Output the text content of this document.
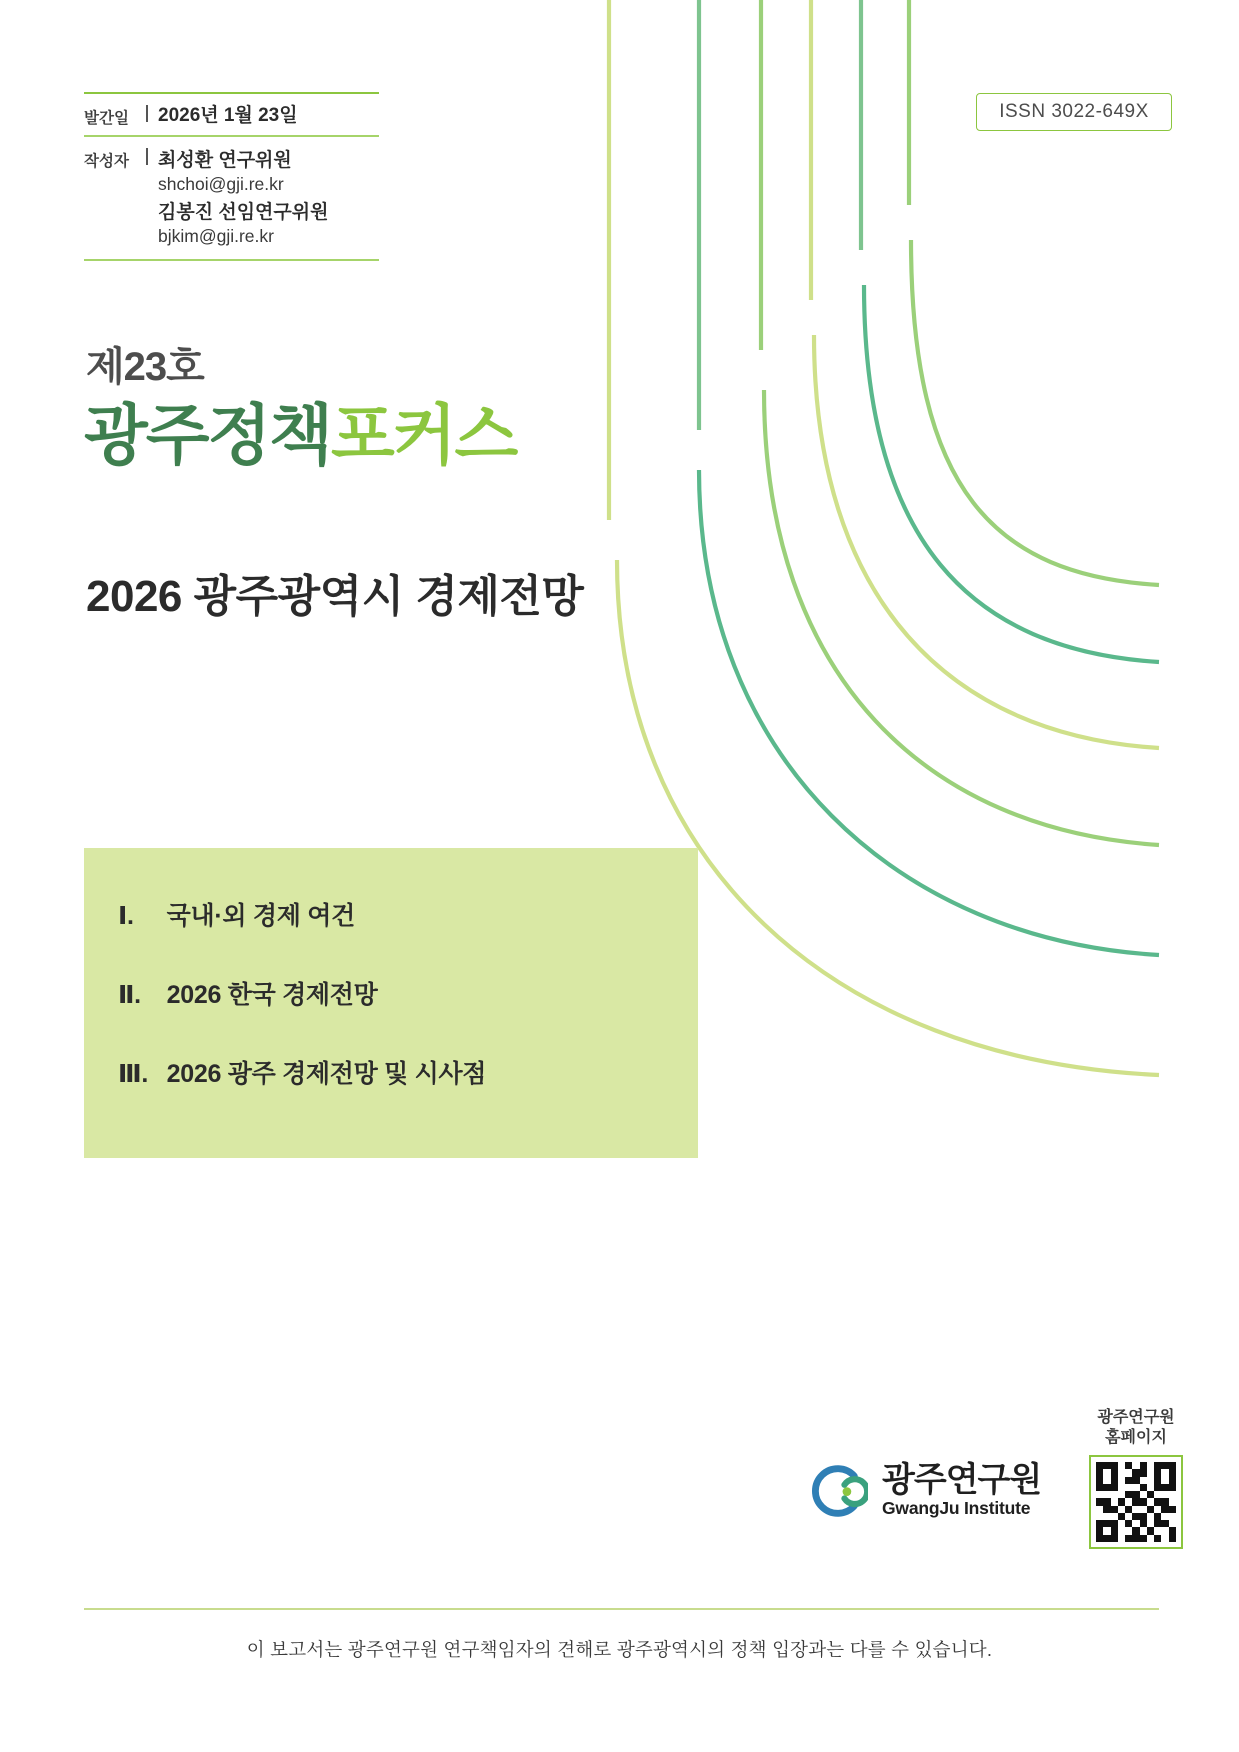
ISSN 3022-649X
발간일	2026년 1월 23일
작성자	최성환 연구위원
shchoi@gji.re.kr
김봉진 선임연구위원
bjkim@gji.re.kr
제23호
광주정책포커스
2026 광주광역시 경제전망
Ⅰ. 국내·외 경제 여건
Ⅱ. 2026 한국 경제전망
Ⅲ. 2026 광주 경제전망 및 시사점
광주연구원
GwangJu Institute
광주연구원
홈페이지
이 보고서는 광주연구원 연구책임자의 견해로 광주광역시의 정책 입장과는 다를 수 있습니다.
